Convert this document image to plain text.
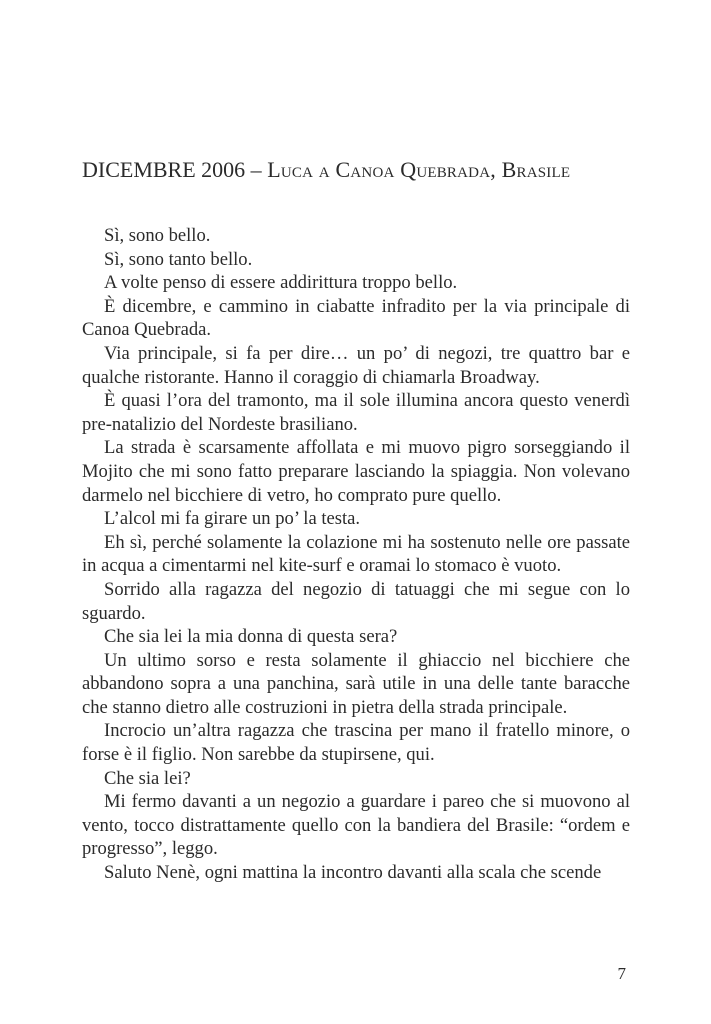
DICEMBRE 2006 – Luca a Canoa Quebrada, Brasile

Sì, sono bello.

Sì, sono tanto bello.

A volte penso di essere addirittura troppo bello.

È dicembre, e cammino in ciabatte infradito per la via principale di Canoa Quebrada.

Via principale, si fa per dire… un po’ di negozi, tre quattro bar e qualche ristorante. Hanno il coraggio di chiamarla Broadway.

È quasi l’ora del tramonto, ma il sole illumina ancora questo venerdì pre-natalizio del Nordeste brasiliano.

La strada è scarsamente affollata e mi muovo pigro sorseggiando il Mojito che mi sono fatto preparare lasciando la spiaggia. Non volevano darmelo nel bicchiere di vetro, ho comprato pure quello.

L’alcol mi fa girare un po’ la testa.

Eh sì, perché solamente la colazione mi ha sostenuto nelle ore passate in acqua a cimentarmi nel kite-surf e oramai lo stomaco è vuoto.

Sorrido alla ragazza del negozio di tatuaggi che mi segue con lo sguardo.

Che sia lei la mia donna di questa sera?

Un ultimo sorso e resta solamente il ghiaccio nel bicchiere che abbandono sopra a una panchina, sarà utile in una delle tante baracche che stanno dietro alle costruzioni in pietra della strada principale.

Incrocio un’altra ragazza che trascina per mano il fratello minore, o forse è il figlio. Non sarebbe da stupirsene, qui.

Che sia lei?

Mi fermo davanti a un negozio a guardare i pareo che si muovono al vento, tocco distrattamente quello con la bandiera del Brasile: “ordem e progresso”, leggo.

Saluto Nenè, ogni mattina la incontro davanti alla scala che scende

7
